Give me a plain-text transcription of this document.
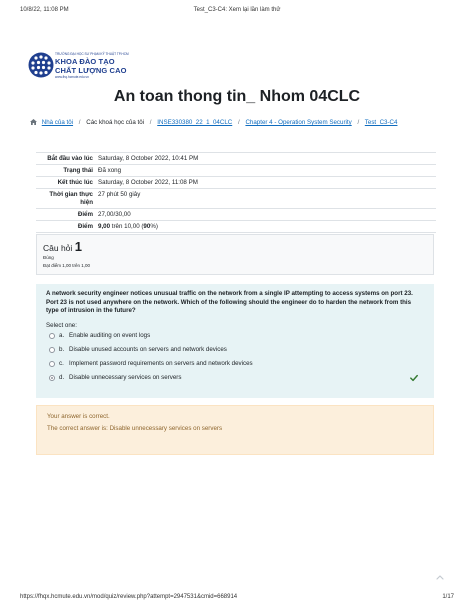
10/8/22, 11:08 PM	Test_C3-C4: Xem lại lần làm thử
TRƯỜNG ĐẠI HỌC SƯ PHẠM KỸ THUẬT TP.HCM
KHOA ĐÀO TẠO
CHẤT LƯỢNG CAO
www.fhq.hcmute.edu.vn
An toan thong tin_ Nhom 04CLC
Nhà của tôi / Các khoá học của tôi / INSE330380_22_1_04CLC / Chapter 4 - Operation System Security / Test_C3-C4
Bắt đầu vào lúc Saturday, 8 October 2022, 10:41 PM
Trạng thái Đã xong
Kết thúc lúc Saturday, 8 October 2022, 11:08 PM
Thời gian thực hiện
27 phút 50 giây
Điểm 27,00/30,00
Điểm 9,00 trên 10,00 (90%)
Câu hỏi 1
Đúng
Đạt điểm 1,00 trên 1,00
A network security engineer notices unusual traffic on the network from a single IP attempting to access systems on port 23. Port 23 is not used anywhere on the network. Which of the following should the engineer do to harden the network from this type of intrusion in the future?
Select one:
a. Enable auditing on event logs
b. Disable unused accounts on servers and network devices
c. Implement password requirements on servers and network devices
d. Disable unnecessary services on servers
Your answer is correct.
The correct answer is: Disable unnecessary services on servers
https://fhqx.hcmute.edu.vn/mod/quiz/review.php?attempt=2947531&cmid=668914	1/17
